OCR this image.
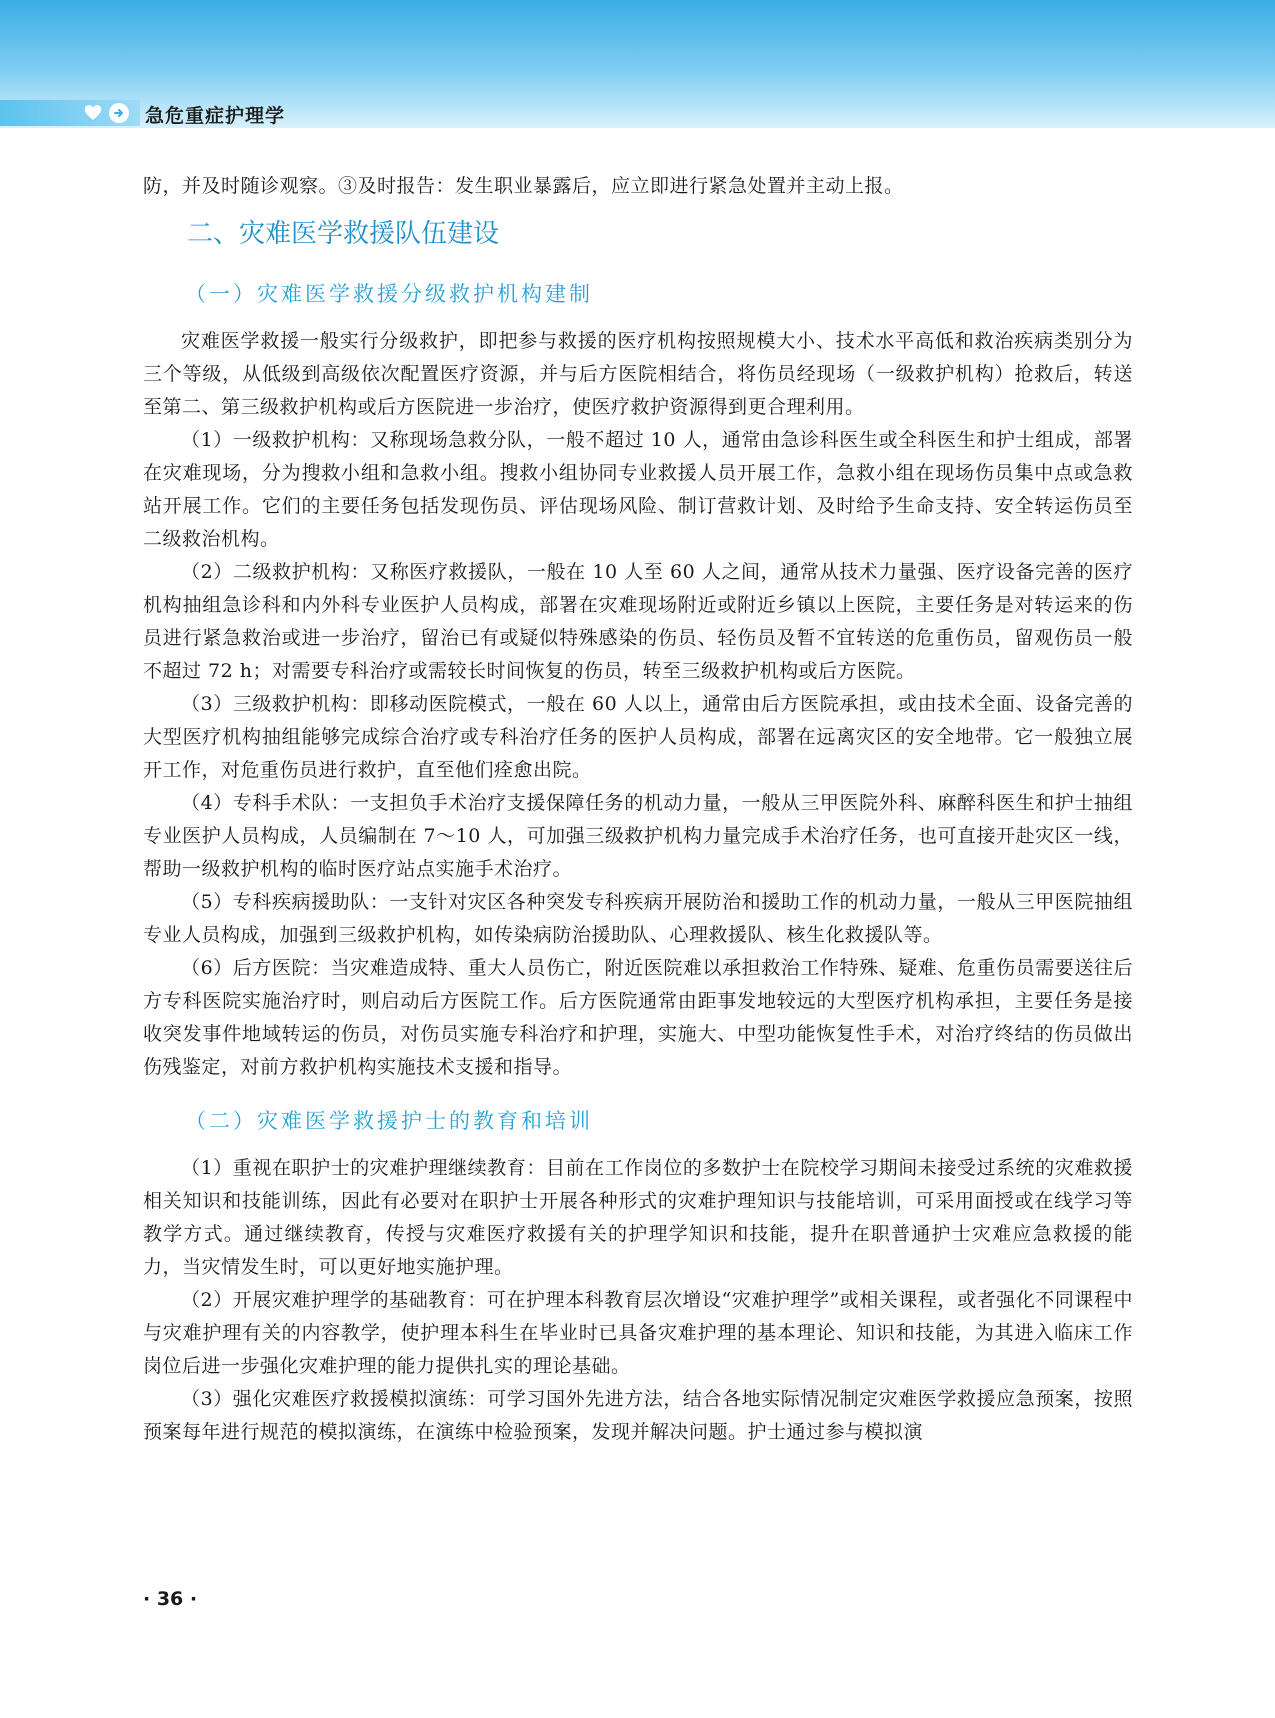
急危重症护理学

防，并及时随诊观察。③及时报告：发生职业暴露后，应立即进行紧急处置并主动上报。

二、灾难医学救援队伍建设
（一）灾难医学救援分级救护机构建制

灾难医学救援一般实行分级救护，即把参与救援的医疗机构按照规模大小、技术水平高低和救治疾病类别分为三个等级，从低级到高级依次配置医疗资源，并与后方医院相结合，将伤员经现场（一级救护机构）抢救后，转送至第二、第三级救护机构或后方医院进一步治疗，使医疗救护资源得到更合理利用。

（1）一级救护机构：又称现场急救分队，一般不超过 10 人，通常由急诊科医生或全科医生和护士组成，部署在灾难现场，分为搜救小组和急救小组。搜救小组协同专业救援人员开展工作，急救小组在现场伤员集中点或急救站开展工作。它们的主要任务包括发现伤员、评估现场风险、制订营救计划、及时给予生命支持、安全转运伤员至二级救治机构。

（2）二级救护机构：又称医疗救援队，一般在 10 人至 60 人之间，通常从技术力量强、医疗设备完善的医疗机构抽组急诊科和内外科专业医护人员构成，部署在灾难现场附近或附近乡镇以上医院，主要任务是对转运来的伤员进行紧急救治或进一步治疗，留治已有或疑似特殊感染的伤员、轻伤员及暂不宜转送的危重伤员，留观伤员一般不超过 72 h；对需要专科治疗或需较长时间恢复的伤员，转至三级救护机构或后方医院。

（3）三级救护机构：即移动医院模式，一般在 60 人以上，通常由后方医院承担，或由技术全面、设备完善的大型医疗机构抽组能够完成综合治疗或专科治疗任务的医护人员构成，部署在远离灾区的安全地带。它一般独立展开工作，对危重伤员进行救护，直至他们痊愈出院。

（4）专科手术队：一支担负手术治疗支援保障任务的机动力量，一般从三甲医院外科、麻醉科医生和护士抽组专业医护人员构成，人员编制在 7～10 人，可加强三级救护机构力量完成手术治疗任务，也可直接开赴灾区一线，帮助一级救护机构的临时医疗站点实施手术治疗。

（5）专科疾病援助队：一支针对灾区各种突发专科疾病开展防治和援助工作的机动力量，一般从三甲医院抽组专业人员构成，加强到三级救护机构，如传染病防治援助队、心理救援队、核生化救援队等。

（6）后方医院：当灾难造成特、重大人员伤亡，附近医院难以承担救治工作特殊、疑难、危重伤员需要送往后方专科医院实施治疗时，则启动后方医院工作。后方医院通常由距事发地较远的大型医疗机构承担，主要任务是接收突发事件地域转运的伤员，对伤员实施专科治疗和护理，实施大、中型功能恢复性手术，对治疗终结的伤员做出伤残鉴定，对前方救护机构实施技术支援和指导。

（二）灾难医学救援护士的教育和培训

（1）重视在职护士的灾难护理继续教育：目前在工作岗位的多数护士在院校学习期间未接受过系统的灾难救援相关知识和技能训练，因此有必要对在职护士开展各种形式的灾难护理知识与技能培训，可采用面授或在线学习等教学方式。通过继续教育，传授与灾难医疗救援有关的护理学知识和技能，提升在职普通护士灾难应急救援的能力，当灾情发生时，可以更好地实施护理。

（2）开展灾难护理学的基础教育：可在护理本科教育层次增设“灾难护理学”或相关课程，或者强化不同课程中与灾难护理有关的内容教学，使护理本科生在毕业时已具备灾难护理的基本理论、知识和技能，为其进入临床工作岗位后进一步强化灾难护理的能力提供扎实的理论基础。

（3）强化灾难医疗救援模拟演练：可学习国外先进方法，结合各地实际情况制定灾难医学救援应急预案，按照预案每年进行规范的模拟演练，在演练中检验预案，发现并解决问题。护士通过参与模拟演

· 36 ·
